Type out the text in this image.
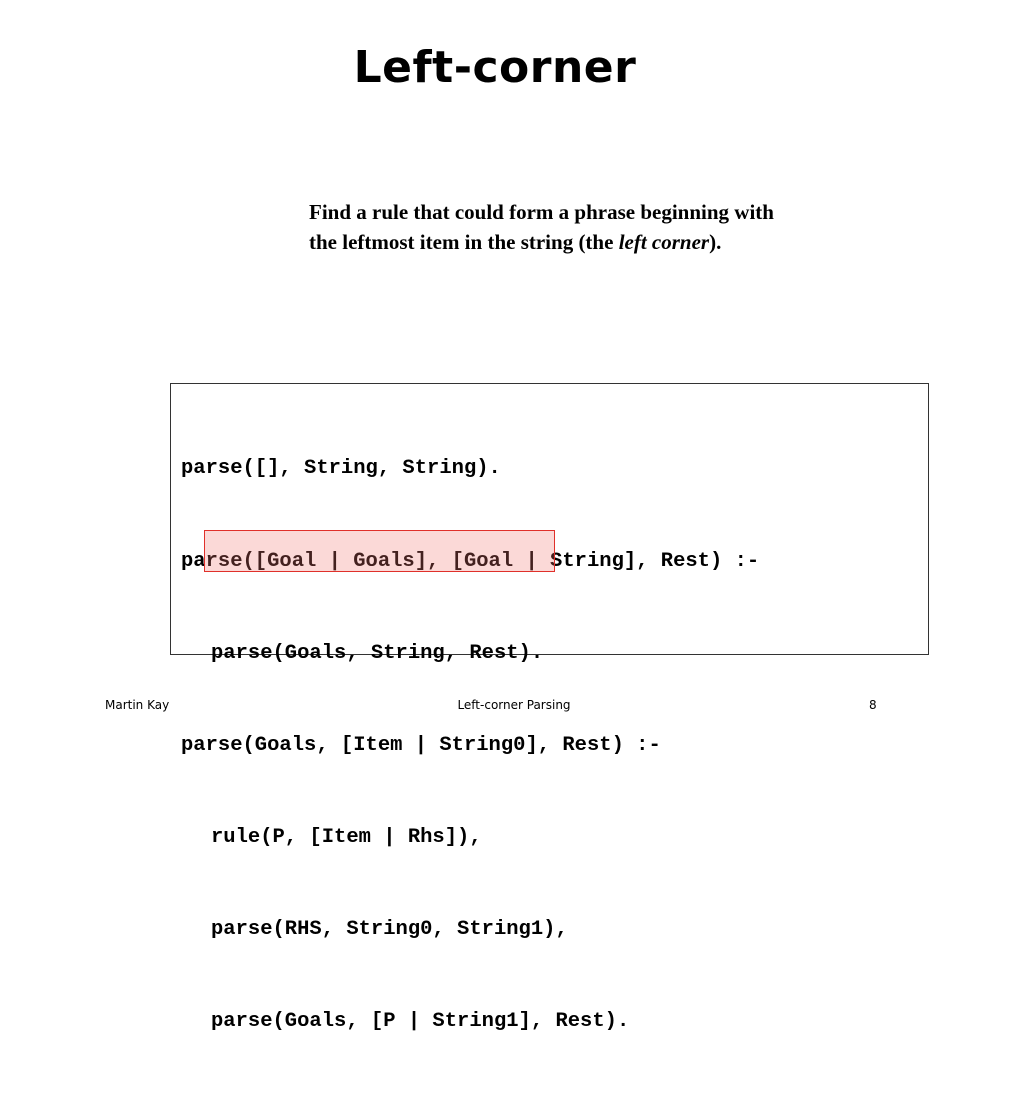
Left-corner
Find a rule that could form a phrase beginning with
the leftmost item in the string (the left corner).

parse([], String, String).

parse([Goal | Goals], [Goal | String], Rest) :-

parse(Goals, String, Rest).

parse(Goals, [Item | String0], Rest) :-

rule(P, [Item | Rhs]),

parse(RHS, String0, String1),

parse(Goals, [P | String1], Rest).

Martin Kay	Left-corner Parsing	8
